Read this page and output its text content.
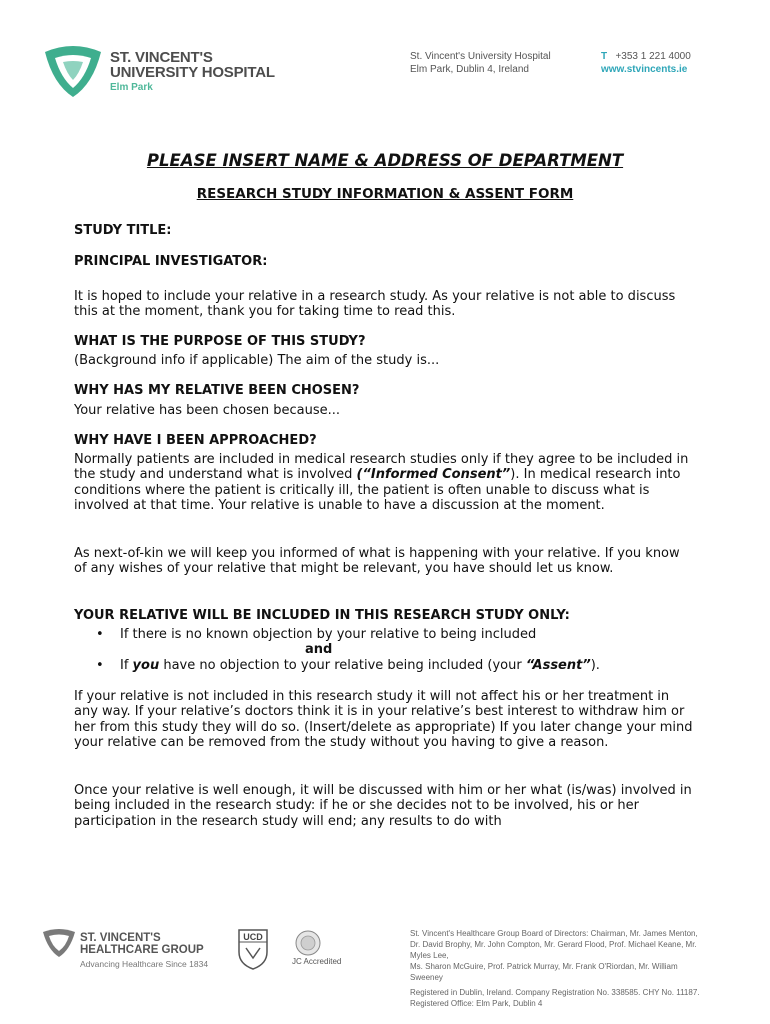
ST. VINCENT'S
UNIVERSITY HOSPITAL
Elm Park
St. Vincent's University Hospital
Elm Park, Dublin 4, Ireland
T +353 1 221 4000
www.stvincents.ie
PLEASE INSERT NAME & ADDRESS OF DEPARTMENT
RESEARCH STUDY INFORMATION & ASSENT FORM
STUDY TITLE:
PRINCIPAL INVESTIGATOR:
It is hoped to include your relative in a research study. As your relative is not able to discuss this at the moment, thank you for taking time to read this.
WHAT IS THE PURPOSE OF THIS STUDY?
(Background info if applicable) The aim of the study is...
WHY HAS MY RELATIVE BEEN CHOSEN?
Your relative has been chosen because...
WHY HAVE I BEEN APPROACHED?
Normally patients are included in medical research studies only if they agree to be included in the study and understand what is involved (“Informed Consent”). In medical research into conditions where the patient is critically ill, the patient is often unable to discuss what is involved at that time. Your relative is unable to have a discussion at the moment.
As next-of-kin we will keep you informed of what is happening with your relative. If you know of any wishes of your relative that might be relevant, you have should let us know.
YOUR RELATIVE WILL BE INCLUDED IN THIS RESEARCH STUDY ONLY:
• If there is no known objection by your relative to being included
and
• If you have no objection to your relative being included (your “Assent”).
If your relative is not included in this research study it will not affect his or her treatment in any way. If your relative’s doctors think it is in your relative’s best interest to withdraw him or her from this study they will do so. (Insert/delete as appropriate) If you later change your mind your relative can be removed from the study without you having to give a reason.
Once your relative is well enough, it will be discussed with him or her what (is/was) involved in being included in the research study: if he or she decides not to be involved, his or her participation in the research study will end; any results to do with
ST. VINCENT'S
HEALTHCARE GROUP
Advancing Healthcare Since 1834
UCD
JC Accredited
St. Vincent's Healthcare Group Board of Directors: Chairman, Mr. James Menton,
Dr. David Brophy, Mr. John Compton, Mr. Gerard Flood, Prof. Michael Keane, Mr. Myles Lee,
Ms. Sharon McGuire, Prof. Patrick Murray, Mr. Frank O'Riordan, Mr. William Sweeney
Registered in Dublin, Ireland. Company Registration No. 338585. CHY No. 11187.
Registered Office: Elm Park, Dublin 4
